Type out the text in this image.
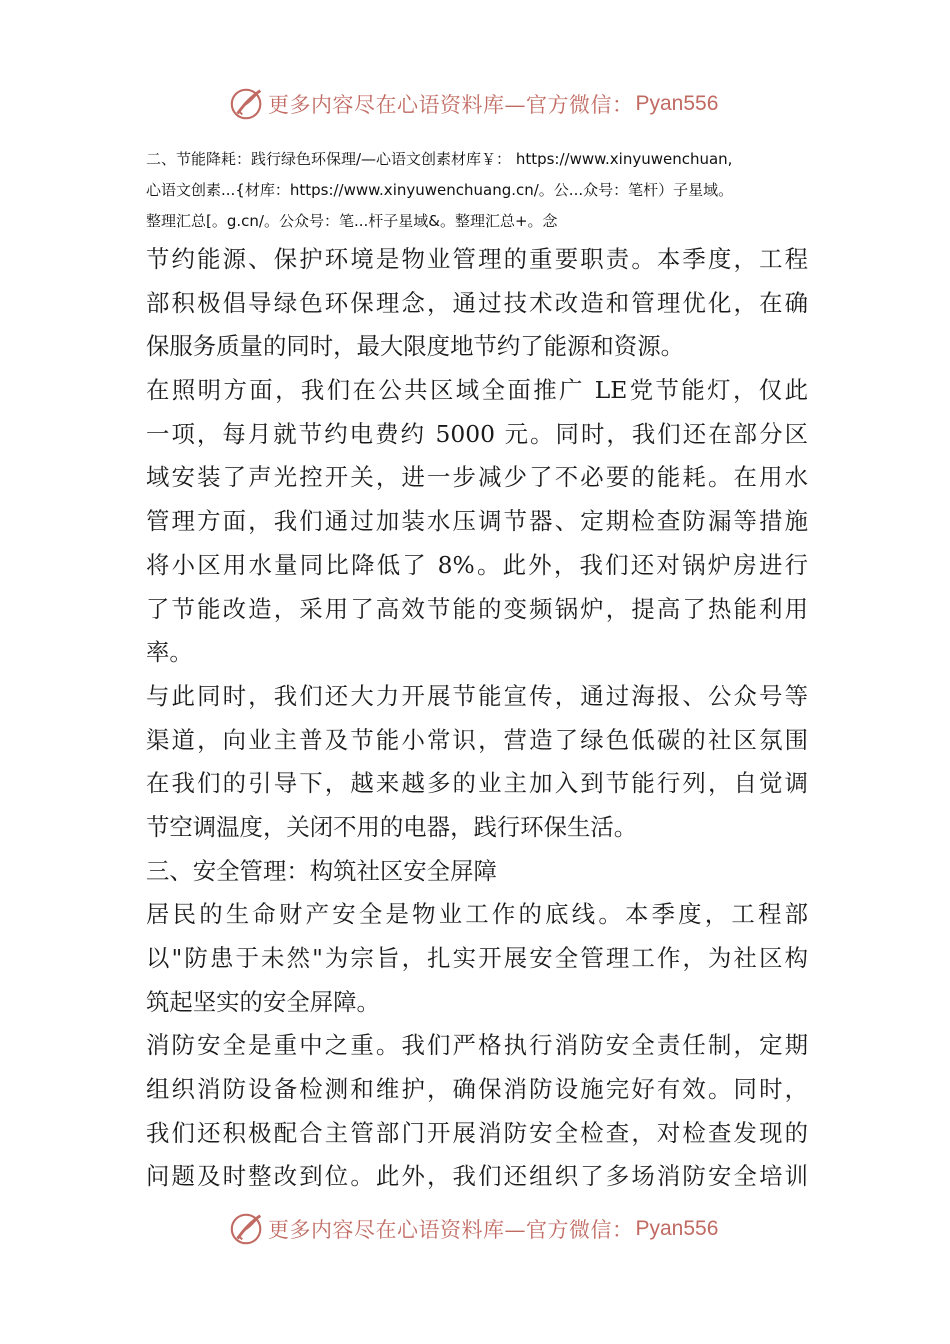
更多内容尽在心语资料库—官方微信： Pyan556
二、节能降耗：践行绿色环保理/—心语文创素材库￥： https://www.xinyuwenchuan,
心语文创素...{材库：https://www.xinyuwenchuang.cn/。公...众号：笔杆）子星域。
整理汇总[。g.cn/。公众号：笔...杆子星域&。整理汇总+。念
节约能源、保护环境是物业管理的重要职责。本季度，工程
部积极倡导绿色环保理念，通过技术改造和管理优化，在确
保服务质量的同时，最大限度地节约了能源和资源。
在照明方面，我们在公共区域全面推广 LE党节能灯，仅此
一项，每月就节约电费约 5000 元。同时，我们还在部分区
域安装了声光控开关，进一步减少了不必要的能耗。在用水
管理方面，我们通过加装水压调节器、定期检查防漏等措施
将小区用水量同比降低了 8%。此外，我们还对锅炉房进行
了节能改造，采用了高效节能的变频锅炉，提高了热能利用
率。
与此同时，我们还大力开展节能宣传，通过海报、公众号等
渠道，向业主普及节能小常识，营造了绿色低碳的社区氛围
在我们的引导下，越来越多的业主加入到节能行列，自觉调
节空调温度，关闭不用的电器，践行环保生活。
三、安全管理：构筑社区安全屏障
居民的生命财产安全是物业工作的底线。本季度，工程部
以"防患于未然"为宗旨，扎实开展安全管理工作，为社区构
筑起坚实的安全屏障。
消防安全是重中之重。我们严格执行消防安全责任制，定期
组织消防设备检测和维护，确保消防设施完好有效。同时，
我们还积极配合主管部门开展消防安全检查，对检查发现的
问题及时整改到位。此外，我们还组织了多场消防安全培训
更多内容尽在心语资料库—官方微信： Pyan556
